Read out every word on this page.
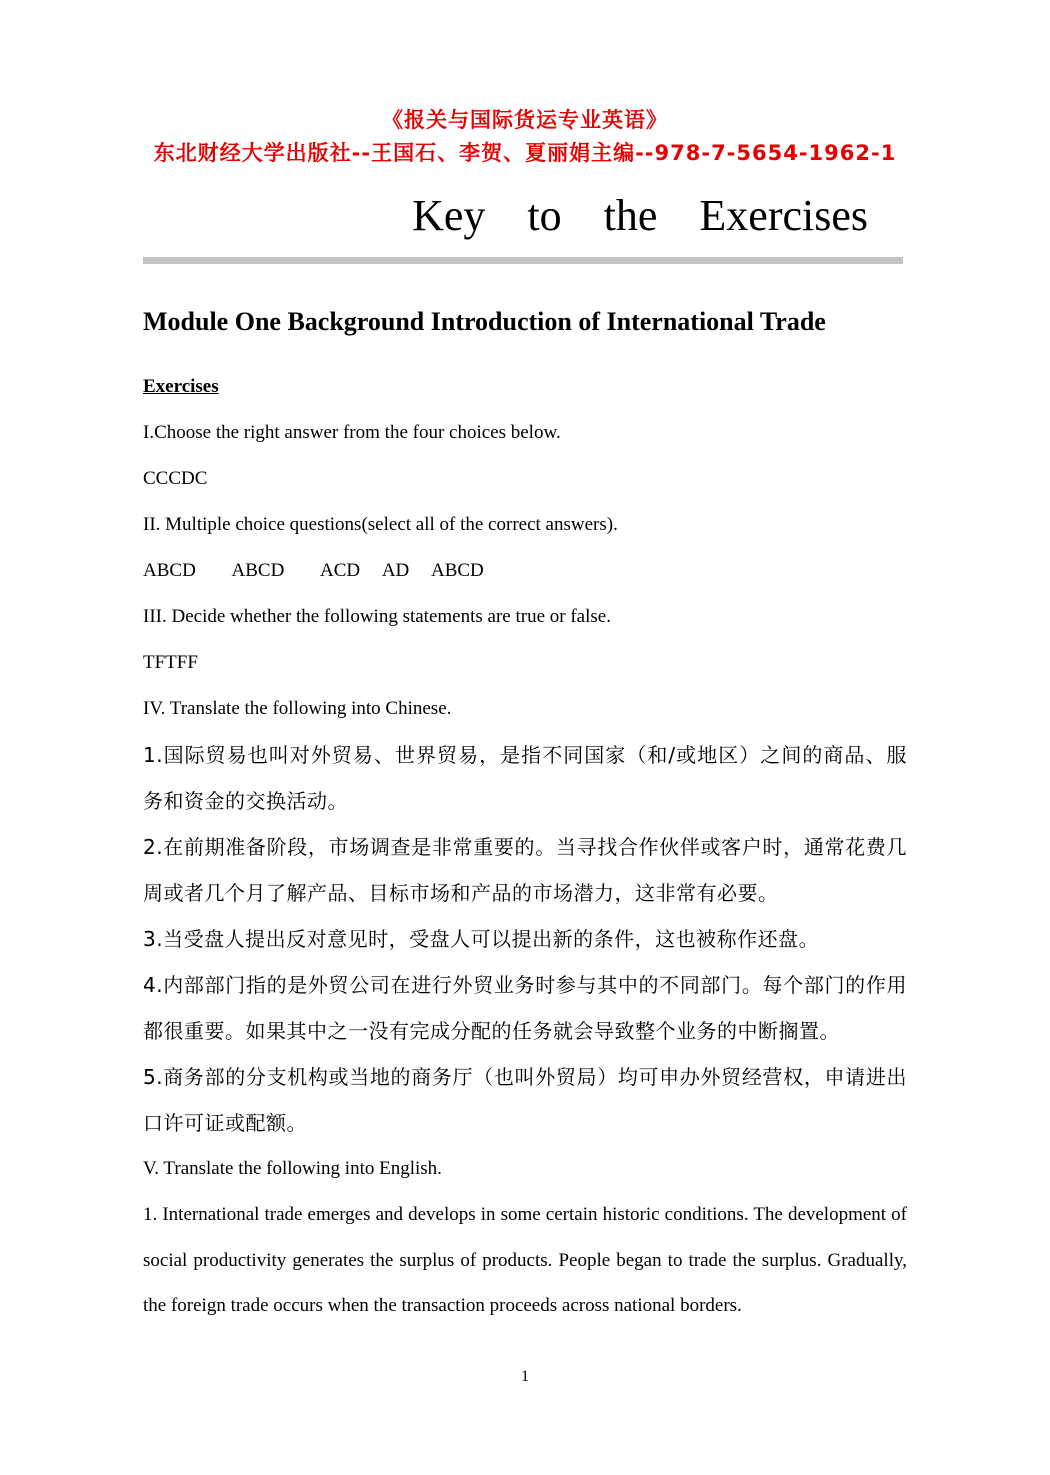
《报关与国际货运专业英语》
东北财经大学出版社--王国石、李贺、夏丽娟主编--978-7-5654-1962-1
Key  to  the  Exercises
Module One Background Introduction of International Trade
Exercises
I.Choose the right answer from the four choices below.
CCCDC
II. Multiple choice questions(select all of the correct answers).
ABCD ABCD ACD AD ABCD
III. Decide whether the following statements are true or false.
TFTFF
IV. Translate the following into Chinese.
1.国际贸易也叫对外贸易、世界贸易，是指不同国家（和/或地区）之间的商品、服务和资金的交换活动。
2.在前期准备阶段，市场调查是非常重要的。当寻找合作伙伴或客户时，通常花费几周或者几个月了解产品、目标市场和产品的市场潜力，这非常有必要。
3.当受盘人提出反对意见时，受盘人可以提出新的条件，这也被称作还盘。
4.内部部门指的是外贸公司在进行外贸业务时参与其中的不同部门。每个部门的作用都很重要。如果其中之一没有完成分配的任务就会导致整个业务的中断搁置。
5.商务部的分支机构或当地的商务厅（也叫外贸局）均可申办外贸经营权，申请进出口许可证或配额。
V. Translate the following into English.
1. International trade emerges and develops in some certain historic conditions. The development of social productivity generates the surplus of products. People began to trade the surplus. Gradually, the foreign trade occurs when the transaction proceeds across national borders.
1
